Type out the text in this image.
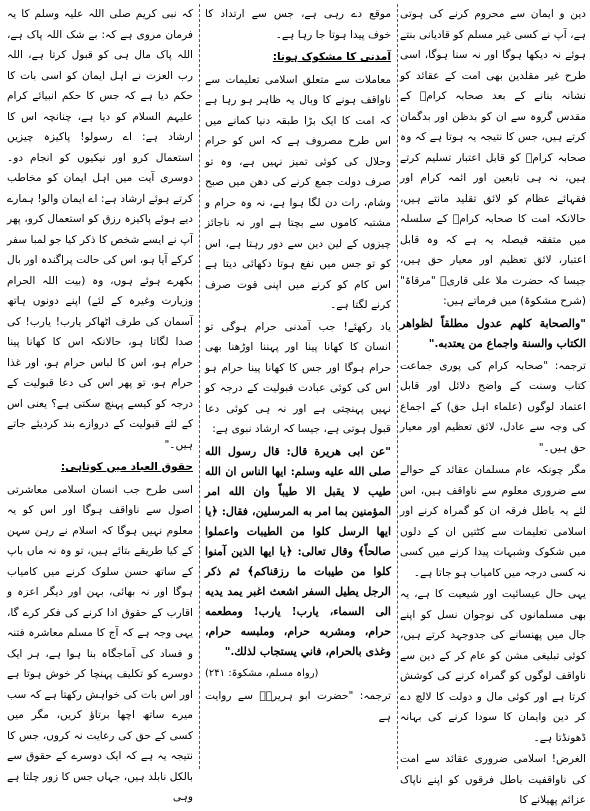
دین و ایمان سے محروم کرنے کی ہوتی ہے، آپ نے کسی غیر مسلم کو قادیانی بنتے ہوئے نہ دیکھا ہوگا اور نہ سنا ہوگا، اسی طرح غیر مقلدین بھی امت کے عقائد کو نشانہ بنانے کے بعد صحابہ کرامؓ کے مقدس گروہ سے ان کو بدظن اور بدگمان کرتے ہیں، جس کا نتیجہ یہ ہوتا ہے کہ وہ صحابہ کرامؓ کو قابل اعتبار تسلیم کرتے ہیں، نہ ہی تابعین اور ائمہ کرام اور فقہائے عظام کو لائق تقلید مانتے ہیں، حالانکہ امت کا صحابہ کرامؓ کے سلسلہ میں متفقہ فیصلہ یہ ہے کہ وہ قابل اعتبار، لائق تعظیم اور معیار حق ہیں، جیسا کہ حضرت ملا علی قاریؒ "مرقاۃ" (شرح مشکوۃ) میں فرماتے ہیں:

"والصحابة كلهم عدول مطلقاً لظواهر الكتاب والسنة واجماع من يعتدبه."

ترجمہ: "صحابہ کرام کی پوری جماعت کتاب وسنت کے واضح دلائل اور قابل اعتماد لوگوں (علماء اہل حق) کے اجماع کی وجہ سے عادل، لائق تعظیم اور معیار حق ہیں۔"

مگر چونکہ عام مسلمان عقائد کے حوالے سے ضروری معلوم سے ناواقف ہیں، اس لئے یہ باطل فرقہ ان کو گمراہ کرنے اور اسلامی تعلیمات سے کٹتیں ان کے دلوں میں شکوک وشبہات پیدا کرنے میں کسی نہ کسی درجہ میں کامیاب ہو جاتا ہے۔

یہی حال عیسائیت اور شیعیت کا ہے، یہ بھی مسلمانوں کی نوجوان نسل کو اپنے جال میں پھنسانے کی جدوجہد کرتے ہیں، کوئی تبلیغی مشن کو عام کر کے دین سے ناواقف لوگوں کو گمراہ کرنے کی کوشش کرتا ہے اور کوئی مال و دولت کا لالچ دے کر دین وایمان کا سودا کرنے کی بہانہ ڈھونڈتا ہے۔

الغرض! اسلامی ضروری عقائد سے امت کی ناواقفیت باطل فرقوں کو اپنے ناپاک عزائم پھیلانے کا

موقع دے رہی ہے، جس سے ارتداد کا خوف پیدا ہوتا جا رہا ہے۔

آمدنی کا مشکوک ہونا:

معاملات سے متعلق اسلامی تعلیمات سے ناواقف ہونے کا وبال یہ ظاہر ہو رہا ہے کہ امت کا ایک بڑا طبقہ دنیا کمانے میں اس طرح مصروف ہے کہ اس کو حرام وحلال کی کوئی تمیز نہیں ہے، وہ تو صرف دولت جمع کرنے کی دھن میں صبح وشام، رات دن لگا ہوا ہے، نہ وہ حرام و مشتبہ کاموں سے بچتا ہے اور نہ ناجائز چیزوں کے لین دین سے دور رہتا ہے، اس کو تو جس میں نفع ہوتا دکھائی دیتا ہے اس کام کو کرنے میں اپنی قوت صرف کرنے لگتا ہے۔

یاد رکھئے! جب آمدنی حرام ہوگی تو انسان کا کھانا پینا اور پہننا اوڑھنا بھی حرام ہوگا اور جس کا کھانا پینا حرام ہو اس کی کوئی عبادت قبولیت کے درجہ کو نہیں پہنچتی ہے اور نہ ہی کوئی دعا قبول ہوتی ہے، جیسا کہ ارشاد نبوی ہے:

"عن ابی هريرة قال: قال رسول الله صلى الله عليه وسلم: ايها الناس ان الله طيب لا يقبل الا طيباً وان الله امر المؤمنين بما امر به المرسلين، فقال: ﴿يا ايها الرسل كلوا من الطيبات واعملوا صالحاً﴾ وقال تعالى: ﴿يا ايها الذين آمنوا كلوا من طيبات ما رزقناكم﴾ ثم ذكر الرجل يطيل السفر اشعث اغبر يمد يديه الى السماء، يارب! يارب! ومطعمه حرام، ومشربه حرام، وملبسه حرام، وغذى بالحرام، فاني يستجاب لذلك."

(رواہ مسلم، مشکوۃ: ۲۴۱)

ترجمہ: "حضرت ابو ہریرہؓ سے روایت ہے

کہ نبی کریم صلی اللہ علیہ وسلم کا یہ فرمان مروی ہے کہ: بے شک اللہ پاک ہے، اللہ پاک مال ہی کو قبول کرتا ہے، اللہ رب العزت نے اہل ایمان کو اسی بات کا حکم دیا ہے کہ جس کا حکم انبیائے کرام علیہم السلام کو دیا ہے، چنانچہ اس کا ارشاد ہے: اے رسولو! پاکیزہ چیزیں استعمال کرو اور نیکیوں کو انجام دو۔ دوسری آیت میں اہل ایمان کو مخاطب کرتے ہوئے ارشاد ہے: اے ایمان والو! ہمارے دیے ہوئے پاکیزہ رزق کو استعمال کرو، پھر آپ نے ایسے شخص کا ذکر کیا جو لمبا سفر کرکے آیا ہو، اس کی حالت پراگندہ اور بال بکھرے ہوئے ہوں، وہ (بیت اللہ الحرام وزیارت وغیرہ کے لئے) اپنے دونوں ہاتھ آسمان کی طرف اٹھاکر یارب! یارب! کی صدا لگاتا ہو، حالانکہ اس کا کھانا پینا حرام ہو، اس کا لباس حرام ہو، اور غذا حرام ہو، تو پھر اس کی دعا قبولیت کے درجہ کو کیسے پہنچ سکتی ہے؟ یعنی اس کے لئے قبولیت کے دروازے بند کردیئے جاتے ہیں۔"

حقوق العباد میں کوتاہی:

اسی طرح جب انسان اسلامی معاشرتی اصول سے ناواقف ہوگا اور اس کو یہ معلوم نہیں ہوگا کہ اسلام نے رہن سہن کے کیا طریقے بتائے ہیں، تو وہ نہ ماں باپ کے ساتھ حسن سلوک کرنے میں کامیاب ہوگا اور نہ بھائی، بہن اور دیگر اعزہ و اقارب کے حقوق ادا کرنے کی فکر کرے گا، یہی وجہ ہے کہ آج کا مسلم معاشرہ فتنہ و فساد کی آماجگاہ بنا ہوا ہے، ہر ایک دوسرے کو تکلیف پہنچا کر خوش ہوتا ہے اور اس بات کی خواہش رکھتا ہے کہ سب میرے ساتھ اچھا برتاؤ کریں، مگر میں کسی کے حق کی رعایت نہ کروں، جس کا نتیجہ یہ ہے کہ ایک دوسرے کے حقوق سے بالکل نابلد ہیں، جہاں جس کا زور چلتا ہے وہی
